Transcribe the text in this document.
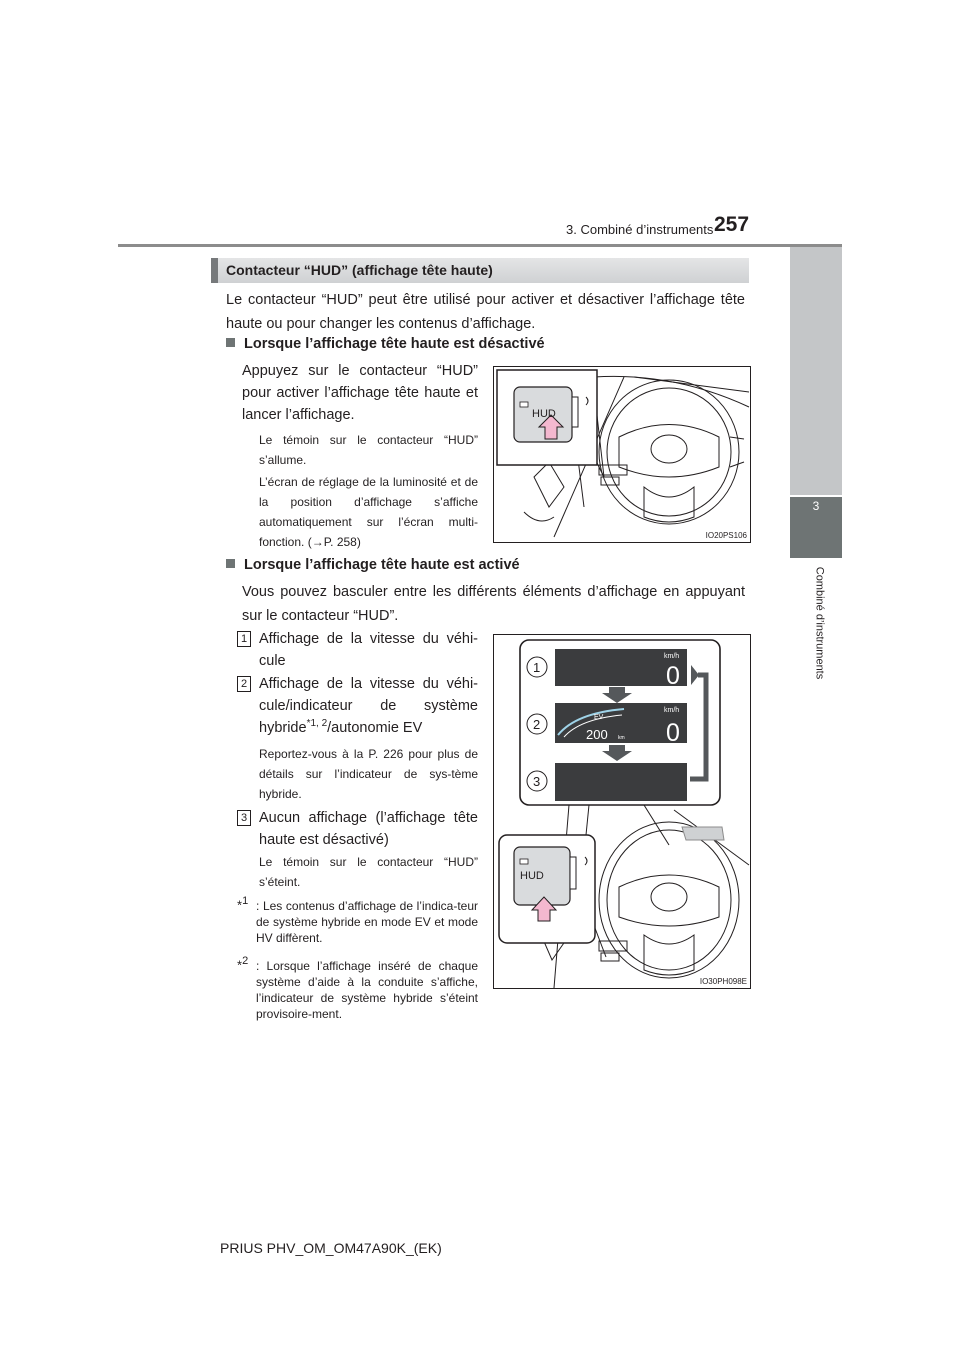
3. Combiné d’instruments 257
3
Combiné d’instruments
Contacteur “HUD” (affichage tête haute)
Le contacteur “HUD” peut être utilisé pour activer et désactiver l’affichage tête haute ou pour changer les contenus d’affichage.
Lorsque l’affichage tête haute est désactivé
Appuyez sur le contacteur “HUD” pour activer l’affichage tête haute et lancer l’affichage.
Le témoin sur le contacteur “HUD” s’allume.
L’écran de réglage de la luminosité et de la position d’affichage s’affiche automatiquement sur l’écran multi-fonction. (→P. 258)
HUD
IO20PS106
Lorsque l’affichage tête haute est activé
Vous pouvez basculer entre les différents éléments d’affichage en appuyant sur le contacteur “HUD”.
1 Affichage de la vitesse du véhi-cule
2 Affichage de la vitesse du véhi-cule/indicateur de système hybride$^{*1, 2}$/autonomie EV
Reportez-vous à la P. 226 pour plus de détails sur l’indicateur de sys-tème hybride.
3 Aucun affichage (l’affichage tête haute est désactivé)
Le témoin sur le contacteur “HUD” s’éteint.
*$^1$ : Les contenus d’affichage de l’indica-teur de système hybride en mode EV et mode HV diffèrent.
*$^2$ : Lorsque l’affichage inséré de chaque système d’aide à la conduite s’affiche, l’indicateur de système hybride s’éteint provisoire-ment.
km/h
0
km/h
0
EV
200 km
1
2
3
HUD
IO30PH098E
PRIUS PHV_OM_OM47A90K_(EK)
